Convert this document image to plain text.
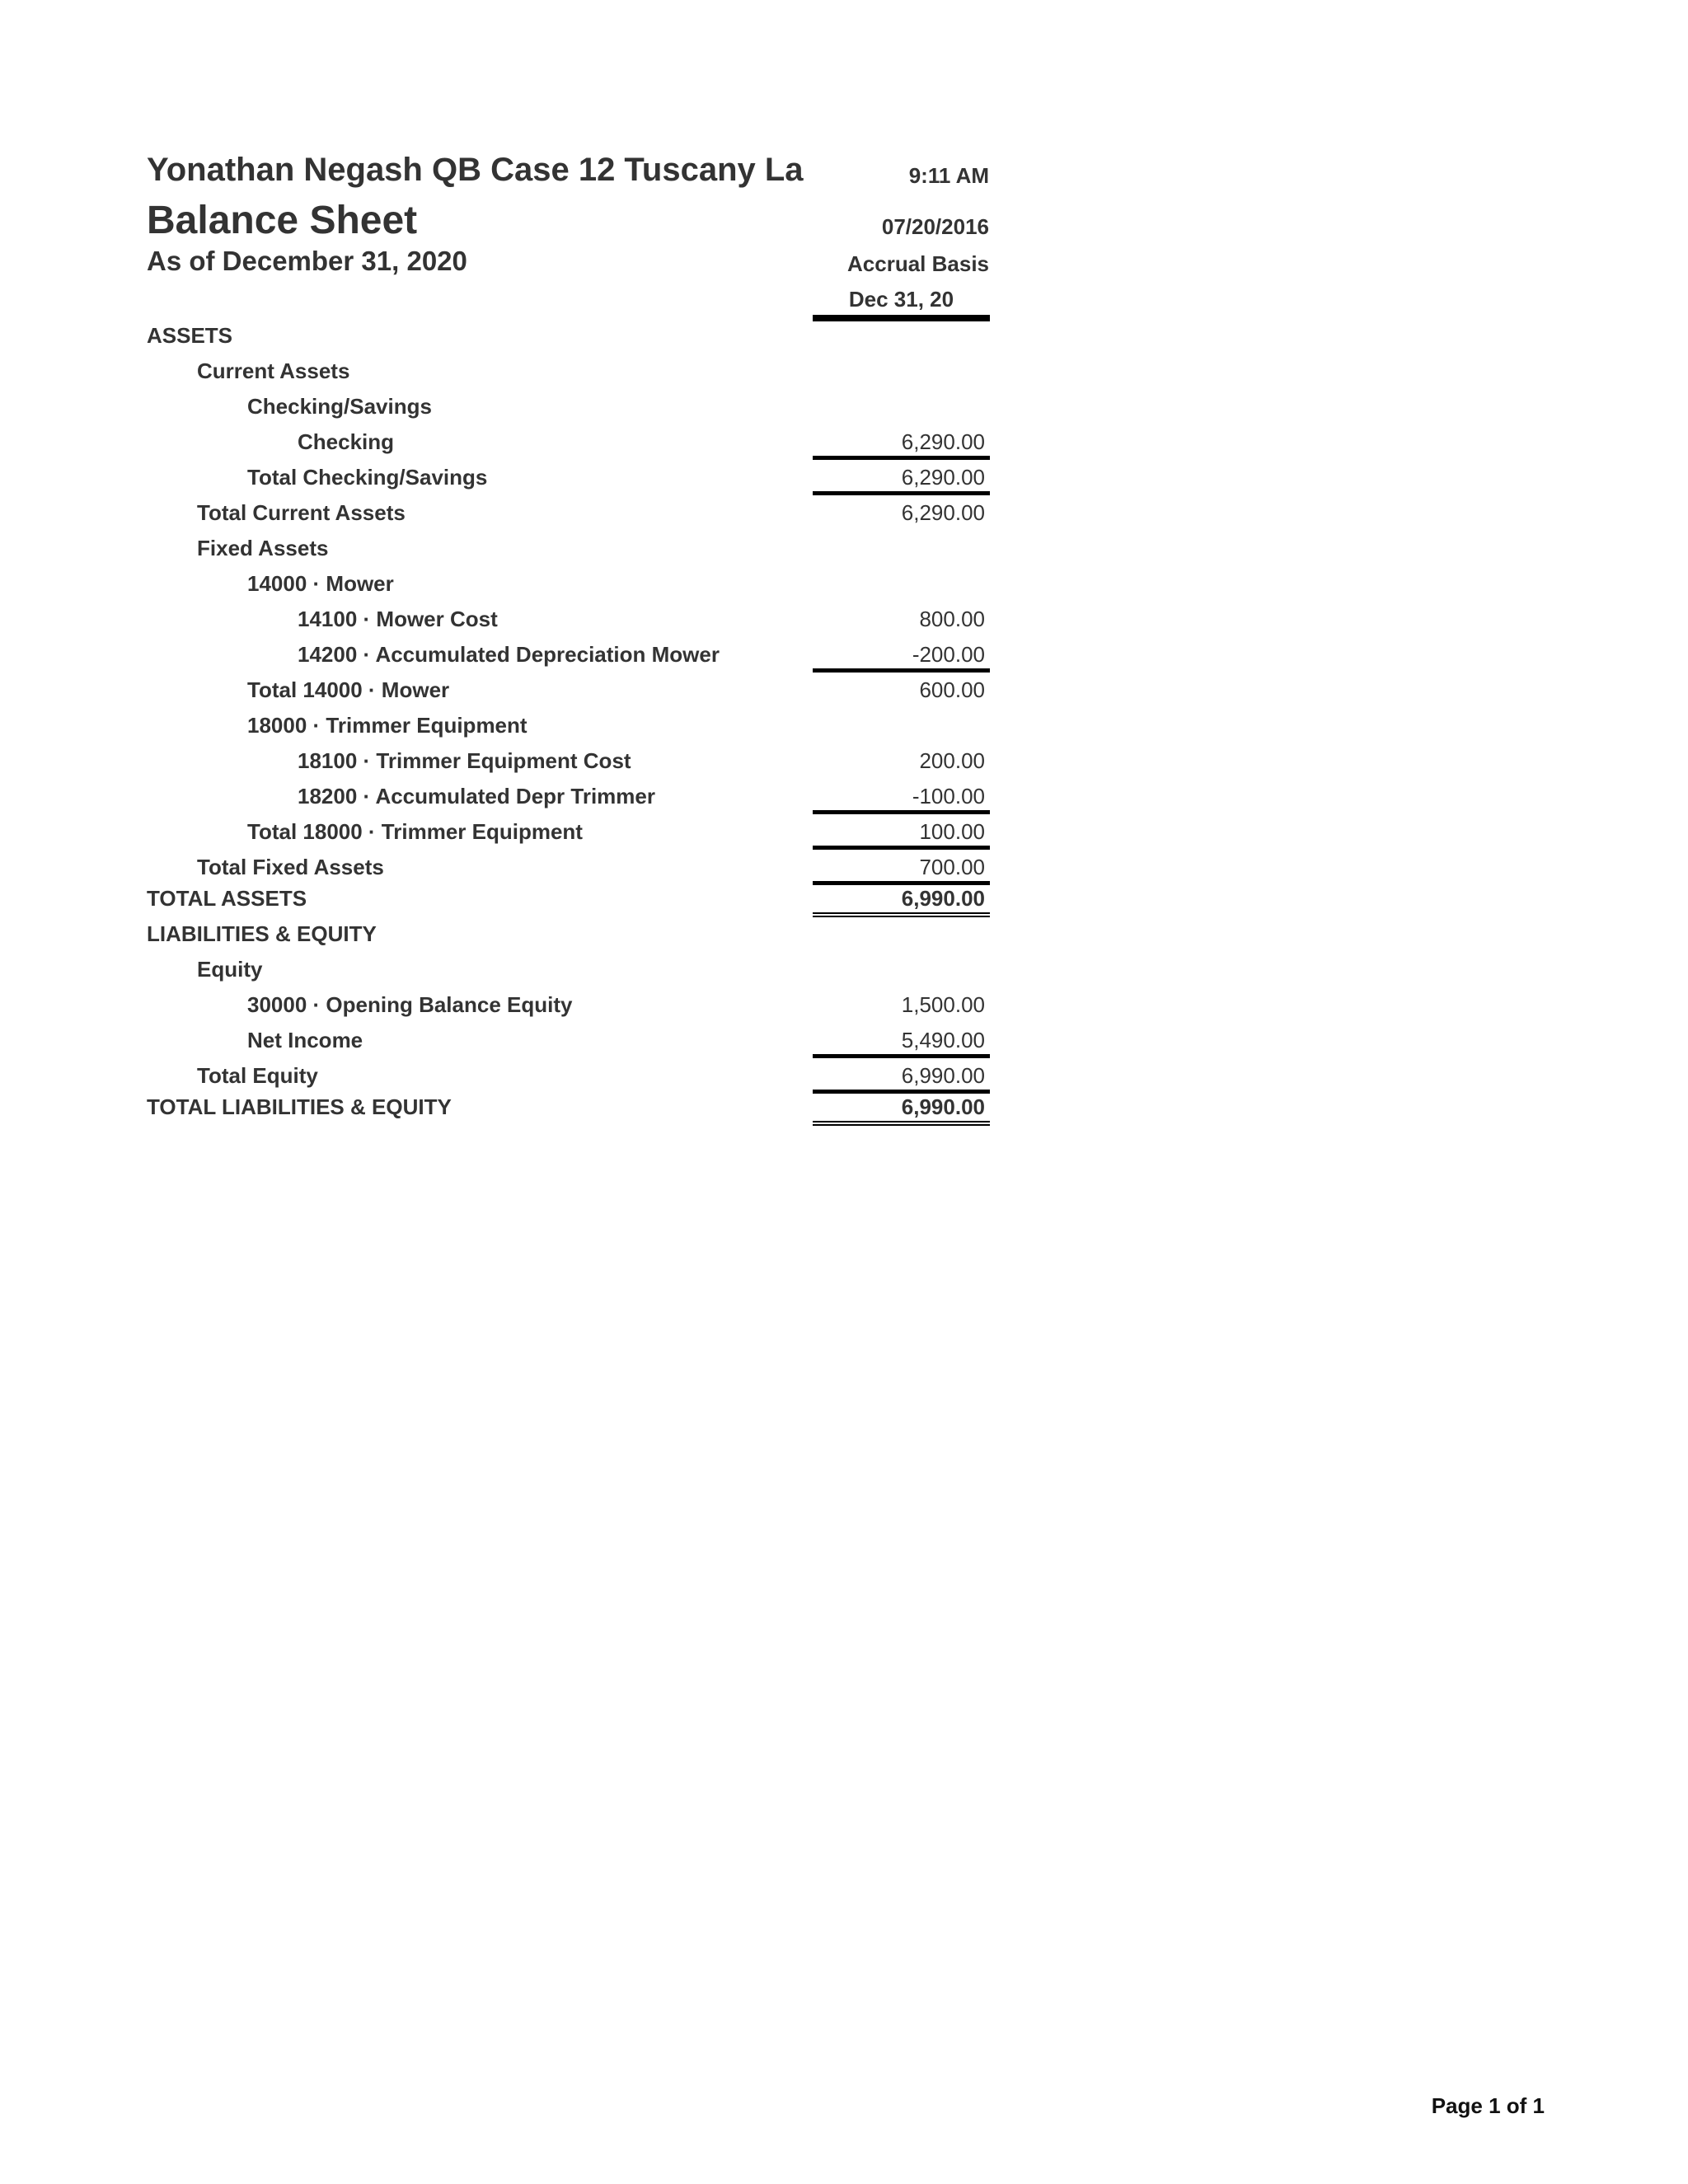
Yonathan Negash QB Case 12 Tuscany La
Balance Sheet
As of December 31, 2020
9:11 AM
07/20/2016
Accrual Basis
Dec 31, 20
ASSETS
Current Assets
Checking/Savings
Checking	6,290.00
Total Checking/Savings	6,290.00
Total Current Assets	6,290.00
Fixed Assets
14000 · Mower
14100 · Mower Cost	800.00
14200 · Accumulated Depreciation Mower	-200.00
Total 14000 · Mower	600.00
18000 · Trimmer Equipment
18100 · Trimmer Equipment Cost	200.00
18200 · Accumulated Depr Trimmer	-100.00
Total 18000 · Trimmer Equipment	100.00
Total Fixed Assets	700.00
TOTAL ASSETS	6,990.00
LIABILITIES & EQUITY
Equity
30000 · Opening Balance Equity	1,500.00
Net Income	5,490.00
Total Equity	6,990.00
TOTAL LIABILITIES & EQUITY	6,990.00
Page 1 of 1
